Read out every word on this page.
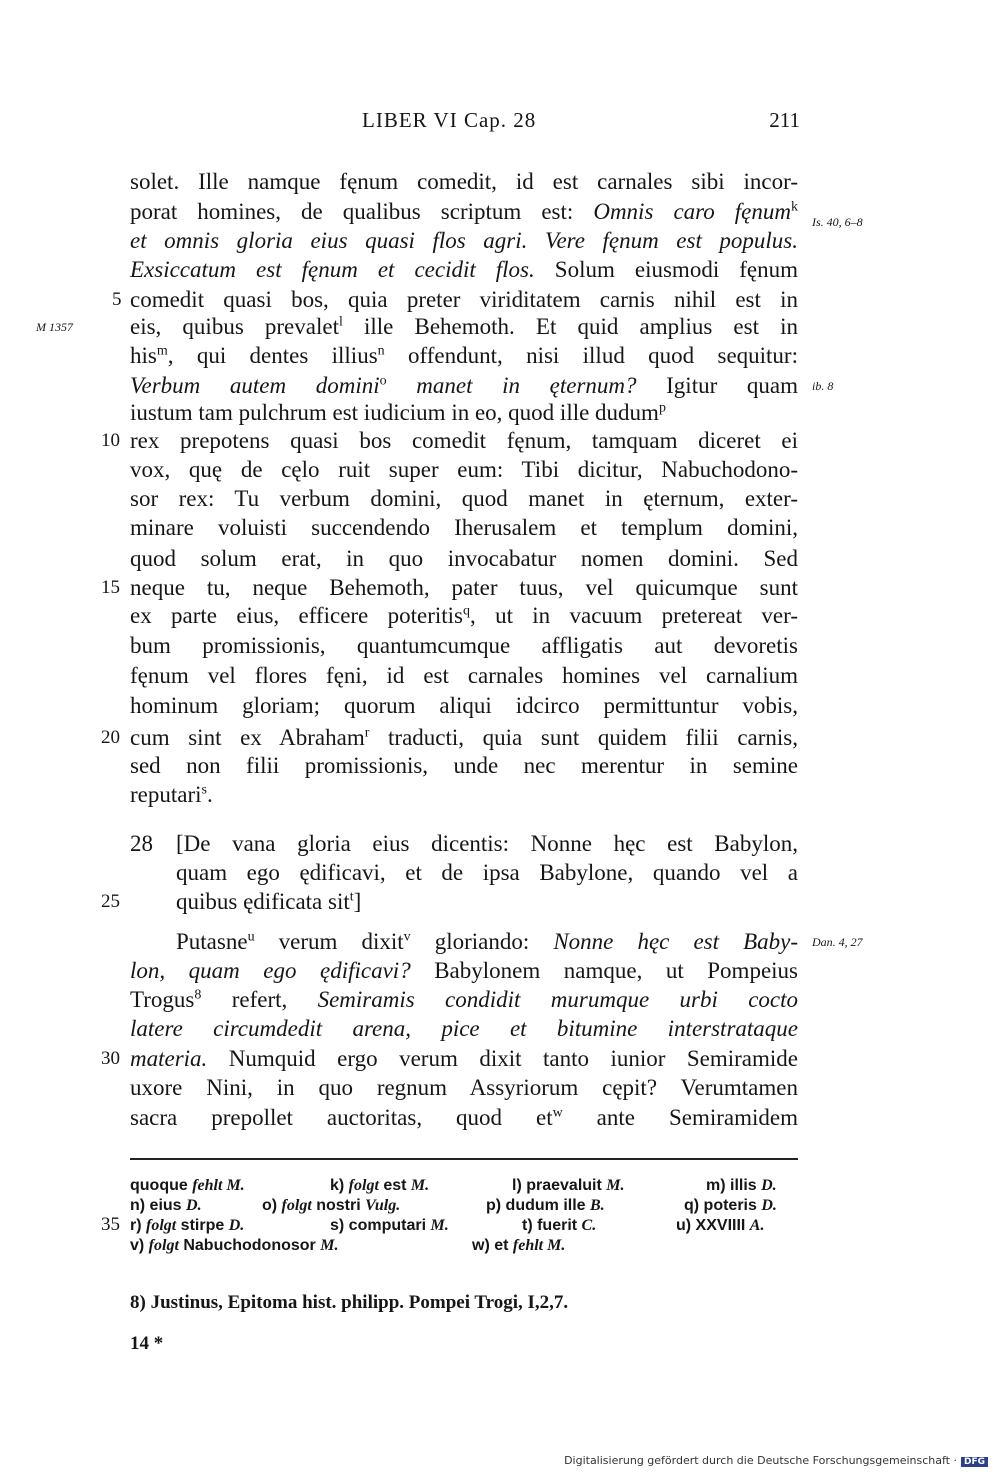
LIBER VI Cap. 28	211
Is. 40, 6–8
M 1357
ib. 8
Dan. 4, 27
5
10
15
20
25
30
35
solet. Ille namque fęnum comedit, id est carnales sibi incor-
porat homines, de qualibus scriptum est: Omnis caro fęnum$^k$
et omnis gloria eius quasi flos agri. Vere fęnum est populus.
Exsiccatum est fęnum et cecidit flos. Solum eiusmodi fęnum
comedit quasi bos, quia preter viriditatem carnis nihil est in
eis, quibus prevalet$^l$ ille Behemoth. Et quid amplius est in
his$^m$, qui dentes illius$^n$ offendunt, nisi illud quod sequitur:
Verbum autem domini$^o$ manet in ęternum? Igitur quam
iustum tam pulchrum est iudicium in eo, quod ille dudum$^p$
rex prepotens quasi bos comedit fęnum, tamquam diceret ei
vox, quę de cęlo ruit super eum: Tibi dicitur, Nabuchodono-
sor rex: Tu verbum domini, quod manet in ęternum, exter-
minare voluisti succendendo Iherusalem et templum domini,
quod solum erat, in quo invocabatur nomen domini. Sed
neque tu, neque Behemoth, pater tuus, vel quicumque sunt
ex parte eius, efficere poteritis$^q$, ut in vacuum pretereat ver-
bum promissionis, quantumcumque affligatis aut devoretis
fęnum vel flores fęni, id est carnales homines vel carnalium
hominum gloriam; quorum aliqui idcirco permittuntur vobis,
cum sint ex Abraham$^r$ traducti, quia sunt quidem filii carnis,
sed non filii promissionis, unde nec merentur in semine
reputari$^s$.
28	[De vana gloria eius dicentis: Nonne hęc est Babylon,
quam ego ędificavi, et de ipsa Babylone, quando vel a
quibus ędificata sit$^t$]
Putasne$^u$ verum dixit$^v$ gloriando: Nonne hęc est Baby-
lon, quam ego ędificavi? Babylonem namque, ut Pompeius
Trogus$^8$ refert, Semiramis condidit murumque urbi cocto
latere circumdedit arena, pice et bitumine interstrataque
materia. Numquid ergo verum dixit tanto iunior Semiramide
uxore Nini, in quo regnum Assyriorum cępit? Verumtamen
sacra prepollet auctoritas, quod $et^w$ ante Semiramidem
quoque fehlt M.	k) folgt est M.	l) praevaluit M.	m) illis D.
n) eius D.	o) folgt nostri Vulg.	p) dudum ille B.	q) poteris D.
r) folgt stirpe D.	s) computari M.	t) fuerit C.	u) XXVIIII A.
v) folgt Nabuchodonosor M.	w) et fehlt M.
8) Justinus, Epitoma hist. philipp. Pompei Trogi, I,2,7.
14 *
Digitalisierung gefördert durch die Deutsche Forschungsgemeinschaft · DFG
